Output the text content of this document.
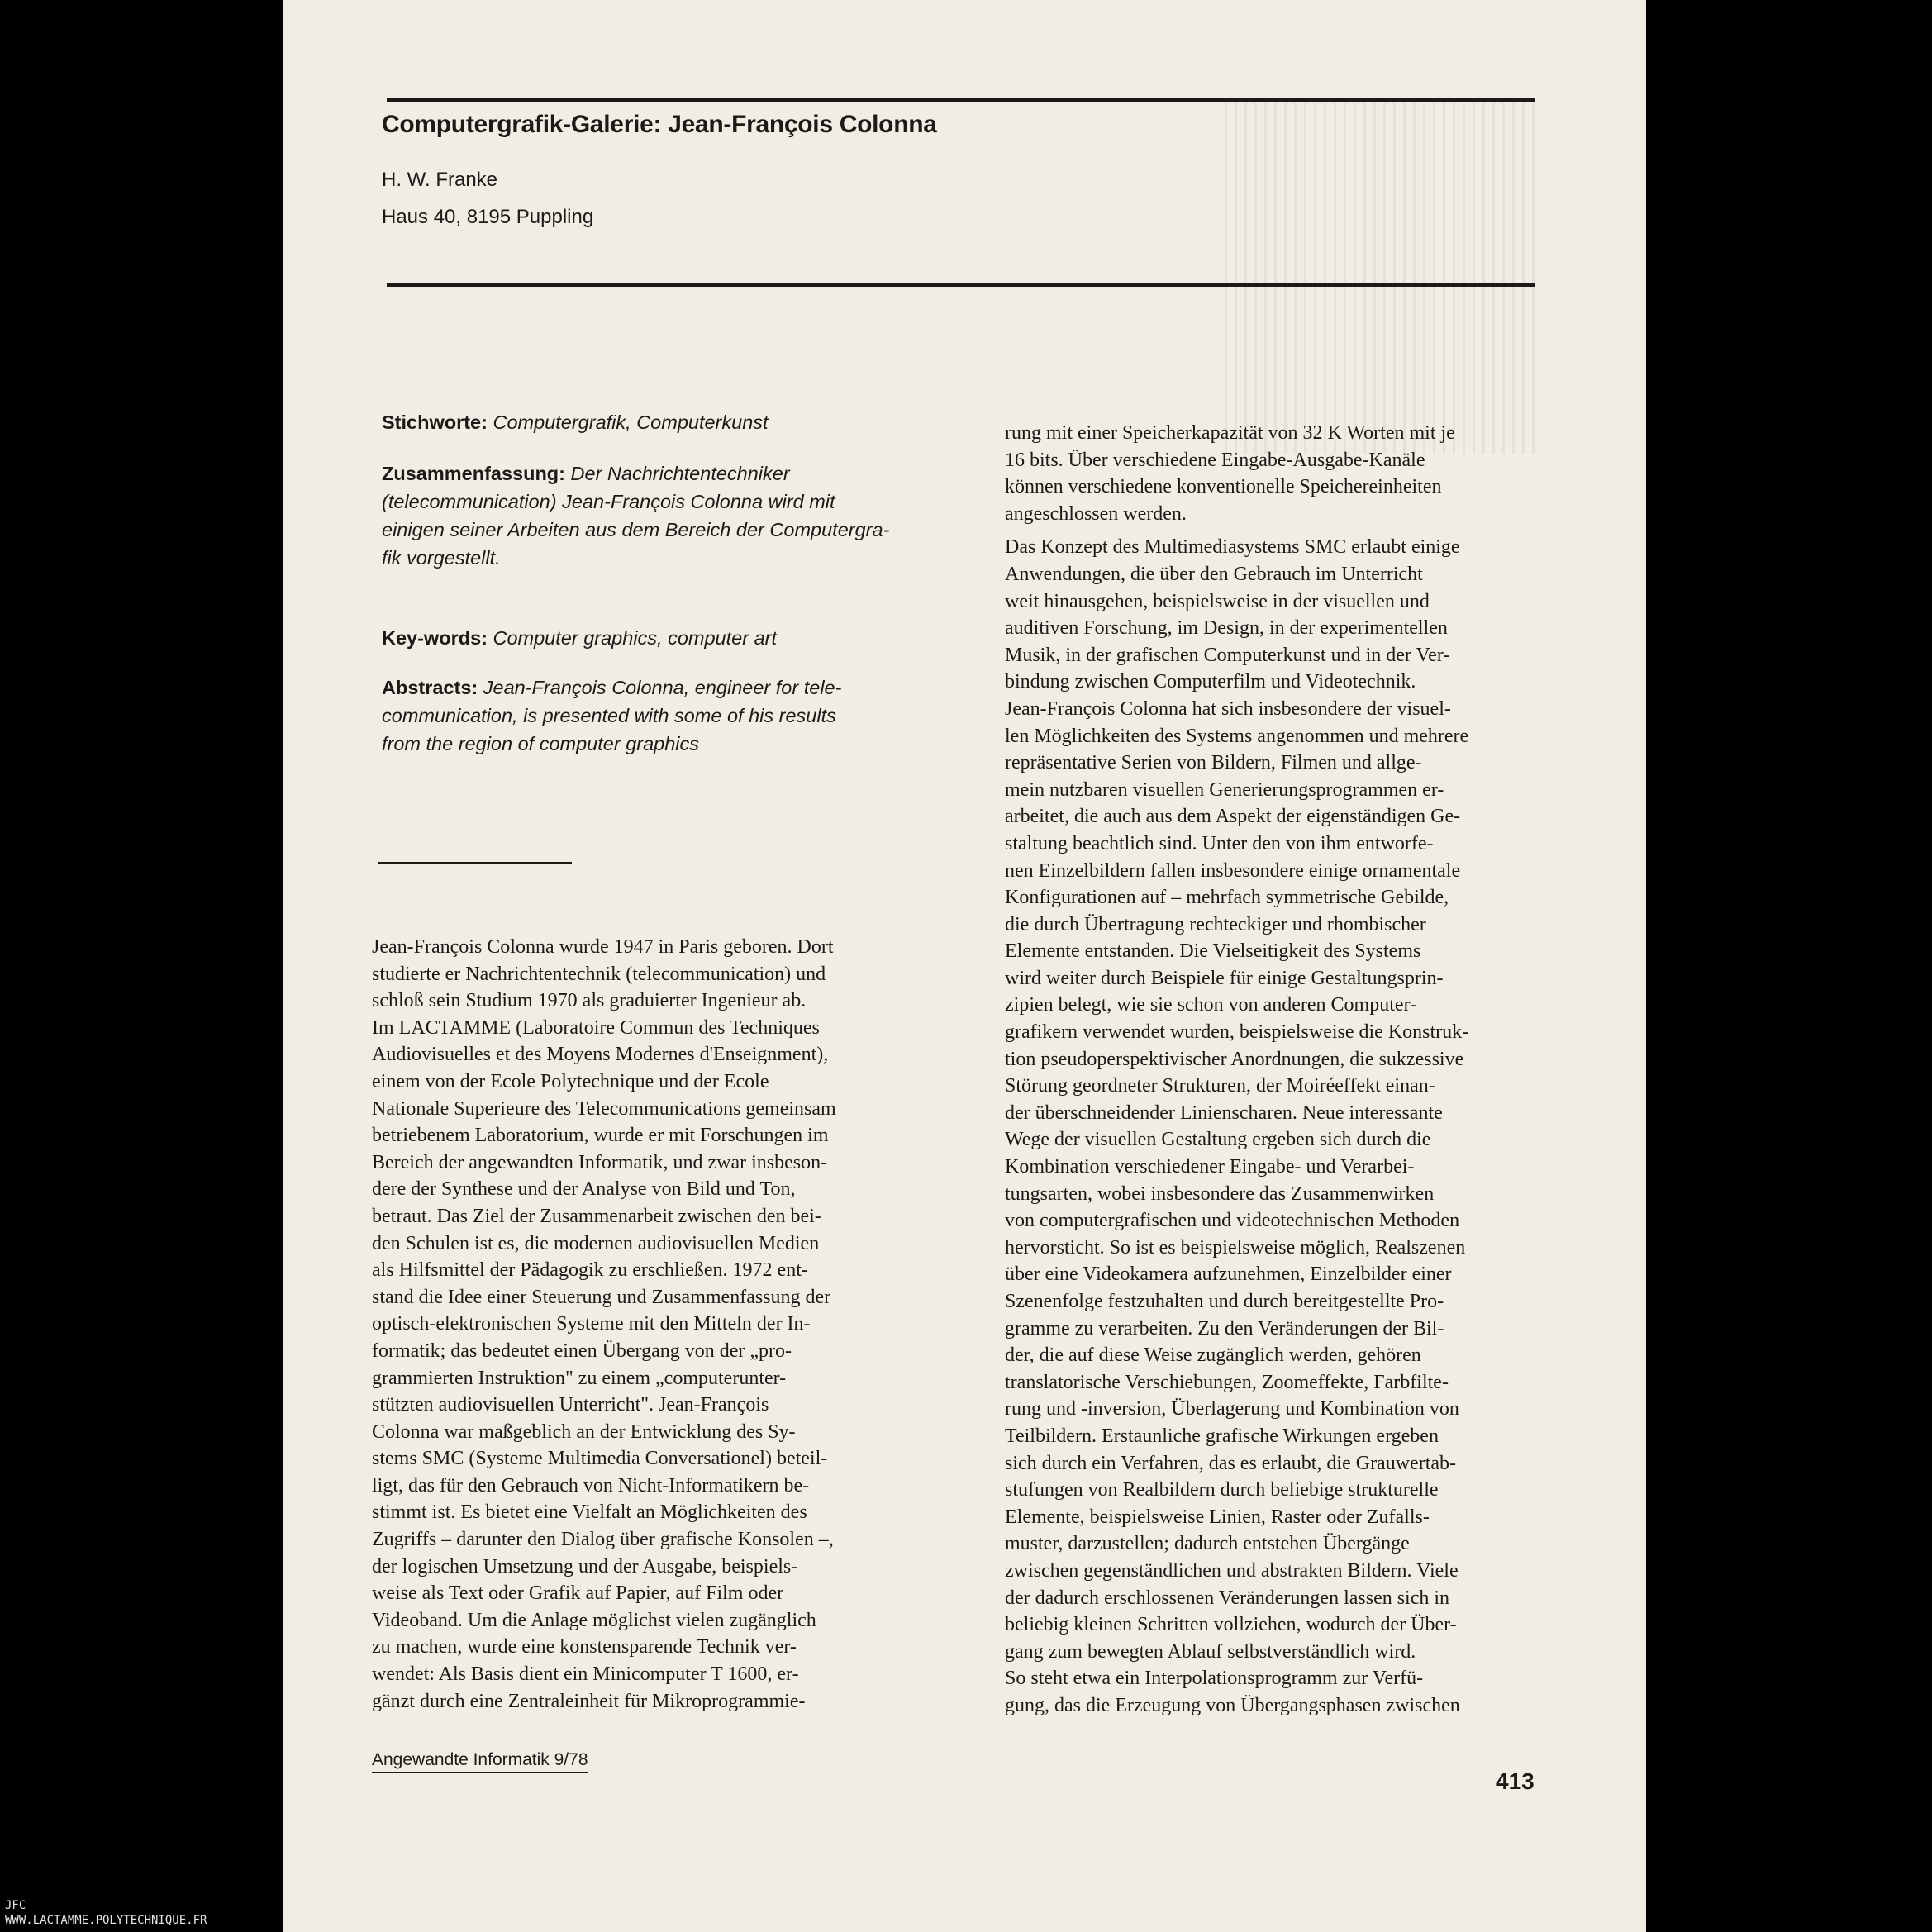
Computergrafik-Galerie: Jean-François Colonna
H. W. Franke
Haus 40, 8195 Puppling
Stichworte: Computergrafik, Computerkunst
Zusammenfassung: Der Nachrichtentechniker
(telecommunication) Jean-François Colonna wird mit
einigen seiner Arbeiten aus dem Bereich der Computergra-
fik vorgestellt.
Key-words: Computer graphics, computer art
Abstracts: Jean-François Colonna, engineer for tele-
communication, is presented with some of his results
from the region of computer graphics
Jean-François Colonna wurde 1947 in Paris geboren. Dort
studierte er Nachrichtentechnik (telecommunication) und
schloß sein Studium 1970 als graduierter Ingenieur ab.
Im LACTAMME (Laboratoire Commun des Techniques
Audiovisuelles et des Moyens Modernes d'Enseignment),
einem von der Ecole Polytechnique und der Ecole
Nationale Superieure des Telecommunications gemeinsam
betriebenem Laboratorium, wurde er mit Forschungen im
Bereich der angewandten Informatik, und zwar insbeson-
dere der Synthese und der Analyse von Bild und Ton,
betraut. Das Ziel der Zusammenarbeit zwischen den bei-
den Schulen ist es, die modernen audiovisuellen Medien
als Hilfsmittel der Pädagogik zu erschließen. 1972 ent-
stand die Idee einer Steuerung und Zusammenfassung der
optisch-elektronischen Systeme mit den Mitteln der In-
formatik; das bedeutet einen Übergang von der „pro-
grammierten Instruktion" zu einem „computerunter-
stützten audiovisuellen Unterricht". Jean-François
Colonna war maßgeblich an der Entwicklung des Sy-
stems SMC (Systeme Multimedia Conversationel) beteil-
ligt, das für den Gebrauch von Nicht-Informatikern be-
stimmt ist. Es bietet eine Vielfalt an Möglichkeiten des
Zugriffs – darunter den Dialog über grafische Konsolen –,
der logischen Umsetzung und der Ausgabe, beispiels-
weise als Text oder Grafik auf Papier, auf Film oder
Videoband. Um die Anlage möglichst vielen zugänglich
zu machen, wurde eine konstensparende Technik ver-
wendet: Als Basis dient ein Minicomputer T 1600, er-
gänzt durch eine Zentraleinheit für Mikroprogrammie-
rung mit einer Speicherkapazität von 32 K Worten mit je
16 bits. Über verschiedene Eingabe-Ausgabe-Kanäle
können verschiedene konventionelle Speichereinheiten
angeschlossen werden.
Das Konzept des Multimediasystems SMC erlaubt einige
Anwendungen, die über den Gebrauch im Unterricht
weit hinausgehen, beispielsweise in der visuellen und
auditiven Forschung, im Design, in der experimentellen
Musik, in der grafischen Computerkunst und in der Ver-
bindung zwischen Computerfilm und Videotechnik.
Jean-François Colonna hat sich insbesondere der visuel-
len Möglichkeiten des Systems angenommen und mehrere
repräsentative Serien von Bildern, Filmen und allge-
mein nutzbaren visuellen Generierungsprogrammen er-
arbeitet, die auch aus dem Aspekt der eigenständigen Ge-
staltung beachtlich sind. Unter den von ihm entworfe-
nen Einzelbildern fallen insbesondere einige ornamentale
Konfigurationen auf – mehrfach symmetrische Gebilde,
die durch Übertragung rechteckiger und rhombischer
Elemente entstanden. Die Vielseitigkeit des Systems
wird weiter durch Beispiele für einige Gestaltungsprin-
zipien belegt, wie sie schon von anderen Computer-
grafikern verwendet wurden, beispielsweise die Konstruk-
tion pseudoperspektivischer Anordnungen, die sukzessive
Störung geordneter Strukturen, der Moiréeffekt einan-
der überschneidender Linienscharen. Neue interessante
Wege der visuellen Gestaltung ergeben sich durch die
Kombination verschiedener Eingabe- und Verarbei-
tungsarten, wobei insbesondere das Zusammenwirken
von computergrafischen und videotechnischen Methoden
hervorsticht. So ist es beispielsweise möglich, Realszenen
über eine Videokamera aufzunehmen, Einzelbilder einer
Szenenfolge festzuhalten und durch bereitgestellte Pro-
gramme zu verarbeiten. Zu den Veränderungen der Bil-
der, die auf diese Weise zugänglich werden, gehören
translatorische Verschiebungen, Zoomeffekte, Farbfilte-
rung und -inversion, Überlagerung und Kombination von
Teilbildern. Erstaunliche grafische Wirkungen ergeben
sich durch ein Verfahren, das es erlaubt, die Grauwertab-
stufungen von Realbildern durch beliebige strukturelle
Elemente, beispielsweise Linien, Raster oder Zufalls-
muster, darzustellen; dadurch entstehen Übergänge
zwischen gegenständlichen und abstrakten Bildern. Viele
der dadurch erschlossenen Veränderungen lassen sich in
beliebig kleinen Schritten vollziehen, wodurch der Über-
gang zum bewegten Ablauf selbstverständlich wird.
So steht etwa ein Interpolationsprogramm zur Verfü-
gung, das die Erzeugung von Übergangsphasen zwischen
Angewandte Informatik 9/78
413
JFC
WWW.LACTAMME.POLYTECHNIQUE.FR
